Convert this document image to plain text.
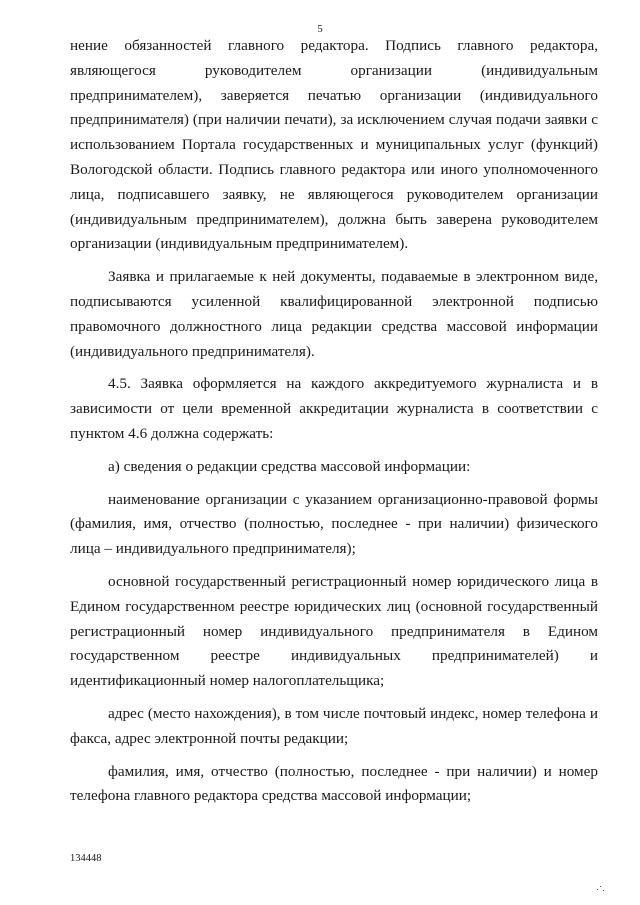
5

нение обязанностей главного редактора. Подпись главного редактора, являющегося руководителем организации (индивидуальным предпринимателем), заверяется печатью организации (индивидуального предпринимателя) (при наличии печати), за исключением случая подачи заявки с использованием Портала государственных и муниципальных услуг (функций) Вологодской области. Подпись главного редактора или иного уполномоченного лица, подписавшего заявку, не являющегося руководителем организации (индивидуальным предпринимателем), должна быть заверена руководителем организации (индивидуальным предпринимателем).

Заявка и прилагаемые к ней документы, подаваемые в электронном виде, подписываются усиленной квалифицированной электронной подписью правомочного должностного лица редакции средства массовой информации (индивидуального предпринимателя).

4.5. Заявка оформляется на каждого аккредитуемого журналиста и в зависимости от цели временной аккредитации журналиста в соответствии с пунктом 4.6 должна содержать:

а) сведения о редакции средства массовой информации:

наименование организации с указанием организационно-правовой формы (фамилия, имя, отчество (полностью, последнее - при наличии) физического лица – индивидуального предпринимателя);

основной государственный регистрационный номер юридического лица в Едином государственном реестре юридических лиц (основной государственный регистрационный номер индивидуального предпринимателя в Едином государственном реестре индивидуальных предпринимателей) и идентификационный номер налогоплательщика;

адрес (место нахождения), в том числе почтовый индекс, номер телефона и факса, адрес электронной почты редакции;

фамилия, имя, отчество (полностью, последнее - при наличии) и номер телефона главного редактора средства массовой информации;

134448
